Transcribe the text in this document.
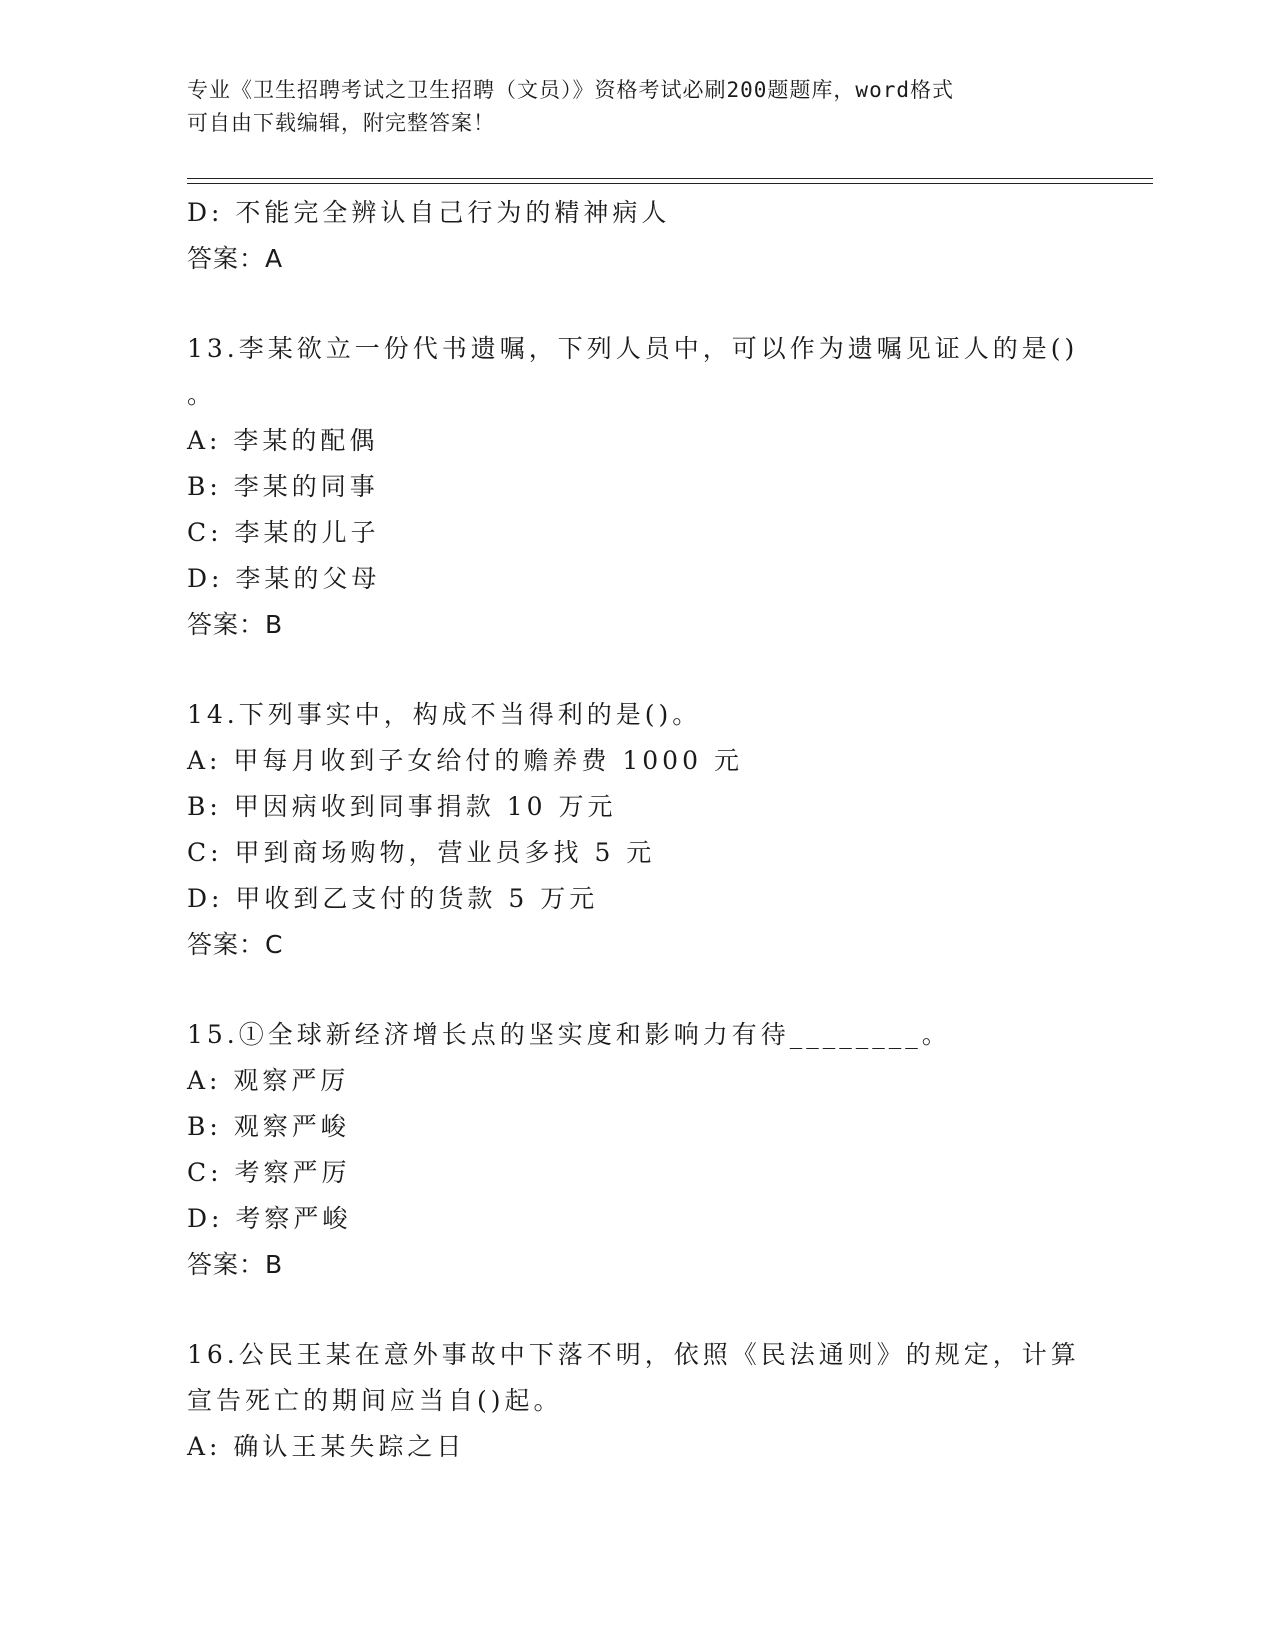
专业《卫生招聘考试之卫生招聘（文员）》资格考试必刷200题题库，word格式
可自由下载编辑，附完整答案！
D: 不能完全辨认自己行为的精神病人
答案：A
13.李某欲立一份代书遗嘱，下列人员中，可以作为遗嘱见证人的是()
。
A: 李某的配偶
B: 李某的同事
C: 李某的儿子
D: 李某的父母
答案：B
14.下列事实中，构成不当得利的是()。
A: 甲每月收到子女给付的赡养费 1000 元
B: 甲因病收到同事捐款 10 万元
C: 甲到商场购物，营业员多找 5 元
D: 甲收到乙支付的货款 5 万元
答案：C
15.①全球新经济增长点的坚实度和影响力有待________。
A: 观察严厉
B: 观察严峻
C: 考察严厉
D: 考察严峻
答案：B
16.公民王某在意外事故中下落不明，依照《民法通则》的规定，计算
宣告死亡的期间应当自()起。
A: 确认王某失踪之日
